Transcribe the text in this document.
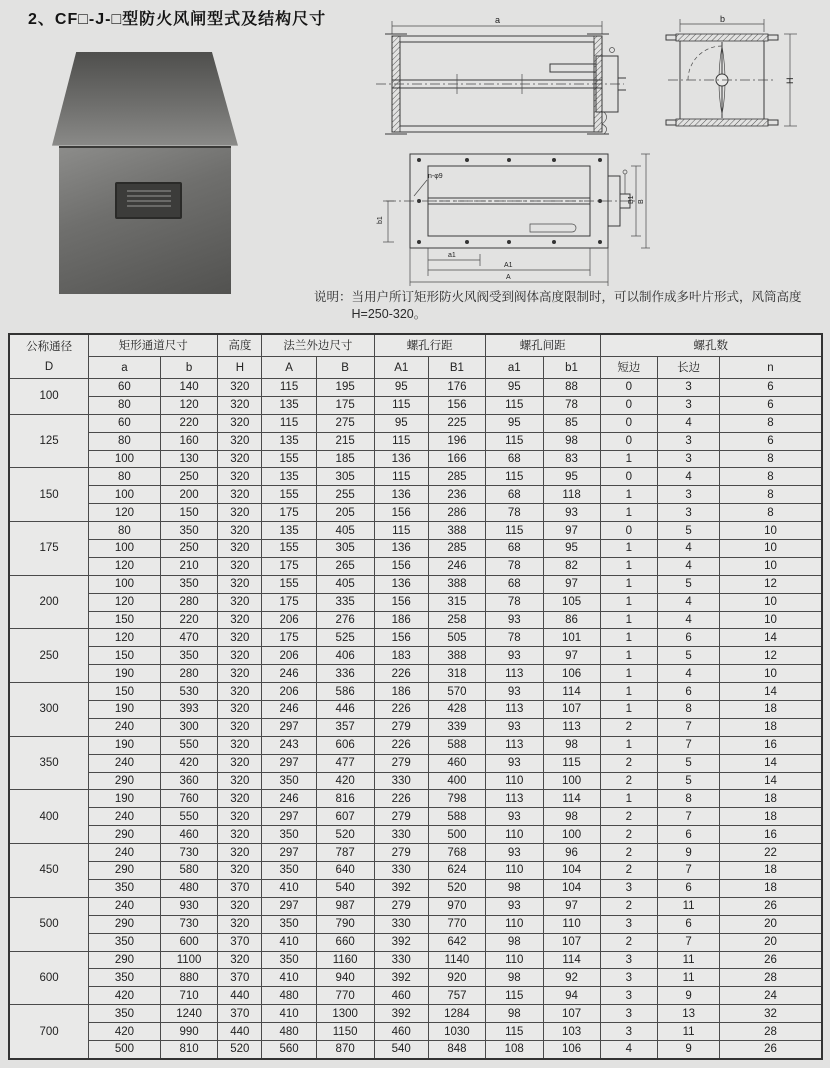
2、CF□-J-□型防火风闸型式及结构尺寸	a	b
H
n-φ9
b1
a1
A1
A
B1 B
说明： 当用户所订矩形防火风阀受到阀体高度限制时，可以制作成多叶片形式，风筒高度H=250-320。
公称通径
D	矩形通道尺寸		高度	法兰外边尺寸		螺孔行距		螺孔间距		螺孔数		
	a	b	H	A	B	A1	B1	a1	b1	短边	长边	n
100	60	140	320	115	195	95	176	95	88	0	3	6
	80	120	320	135	175	115	156	115	78	0	3	6
125	60	220	320	115	275	95	225	95	85	0	4	8
	80	160	320	135	215	115	196	115	98	0	3	6
	100	130	320	155	185	136	166	68	83	1	3	8
150	80	250	320	135	305	115	285	115	95	0	4	8
	100	200	320	155	255	136	236	68	118	1	3	8
	120	150	320	175	205	156	286	78	93	1	3	8
175	80	350	320	135	405	115	388	115	97	0	5	10
	100	250	320	155	305	136	285	68	95	1	4	10
	120	210	320	175	265	156	246	78	82	1	4	10
200	100	350	320	155	405	136	388	68	97	1	5	12
	120	280	320	175	335	156	315	78	105	1	4	10
	150	220	320	206	276	186	258	93	86	1	4	10
250	120	470	320	175	525	156	505	78	101	1	6	14
	150	350	320	206	406	183	388	93	97	1	5	12
	190	280	320	246	336	226	318	113	106	1	4	10
300	150	530	320	206	586	186	570	93	114	1	6	14
	190	393	320	246	446	226	428	113	107	1	8	18
	240	300	320	297	357	279	339	93	113	2	7	18
350	190	550	320	243	606	226	588	113	98	1	7	16
	240	420	320	297	477	279	460	93	115	2	5	14
	290	360	320	350	420	330	400	110	100	2	5	14
400	190	760	320	246	816	226	798	113	114	1	8	18
	240	550	320	297	607	279	588	93	98	2	7	18
	290	460	320	350	520	330	500	110	100	2	6	16
450	240	730	320	297	787	279	768	93	96	2	9	22
	290	580	320	350	640	330	624	110	104	2	7	18
	350	480	370	410	540	392	520	98	104	3	6	18
500	240	930	320	297	987	279	970	93	97	2	11	26
	290	730	320	350	790	330	770	110	110	3	6	20
	350	600	370	410	660	392	642	98	107	2	7	20
600	290	1100	320	350	1160	330	1140	110	114	3	11	26
	350	880	370	410	940	392	920	98	92	3	11	28
	420	710	440	480	770	460	757	115	94	3	9	24
700	350	1240	370	410	1300	392	1284	98	107	3	13	32
	420	990	440	480	1150	460	1030	115	103	3	11	28
	500	810	520	560	870	540	848	108	106	4	9	26
